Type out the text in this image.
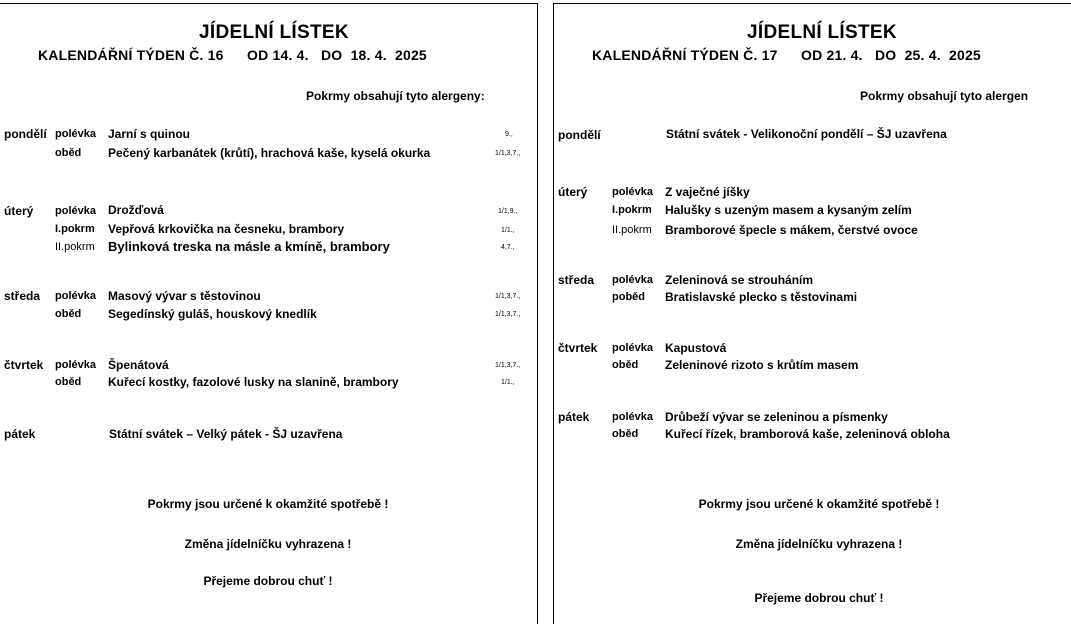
JÍDELNÍ LÍSTEK
KALENDÁŘNÍ TÝDEN Č. 16 OD 14. 4.   DO  18. 4.  2025
Pokrmy obsahují tyto alergeny:
pondělí polévka Jarní s quinou	9.,
oběd Pečený karbanátek (krůtí), hrachová kaše, kyselá okurka	1/1,3,7.,
úterý polévka Drožďová	1/1,9.,
I.pokrm Vepřová krkovička na česneku, brambory	1/1.,
II.pokrm Bylinková treska na másle a kmíně, brambory	4,7.,
středa polévka Masový vývar s těstovinou	1/1,3,7.,
oběd Segedínský guláš, houskový knedlík	1/1,3,7.,
čtvrtek polévka Špenátová	1/1,3,7.,
oběd Kuřecí kostky, fazolové lusky na slanině, brambory	1/1.,
pátek	Státní svátek – Velký pátek - ŠJ uzavřena
Pokrmy jsou určené k okamžité spotřebě !
Změna jídelníčku vyhrazena !
Přejeme dobrou chuť !
JÍDELNÍ LÍSTEK
KALENDÁŘNÍ TÝDEN Č. 17 OD 21. 4.   DO  25. 4.  2025
Pokrmy obsahují tyto alergen
pondělí	Státní svátek - Velikonoční pondělí – ŠJ uzavřena
úterý polévka Z vaječné jíšky
I.pokrm Halušky s uzeným masem a kysaným zelím
II.pokrm Bramborové špecle s mákem, čerstvé ovoce
středa polévka Zeleninová se strouháním
poběd Bratislavské plecko s těstovinami
čtvrtek polévka Kapustová
oběd Zeleninové rizoto s krůtím masem
pátek polévka Drůbeží vývar se zeleninou a písmenky
oběd Kuřecí řízek, bramborová kaše, zeleninová obloha
Pokrmy jsou určené k okamžité spotřebě !
Změna jídelníčku vyhrazena !
Přejeme dobrou chuť !
